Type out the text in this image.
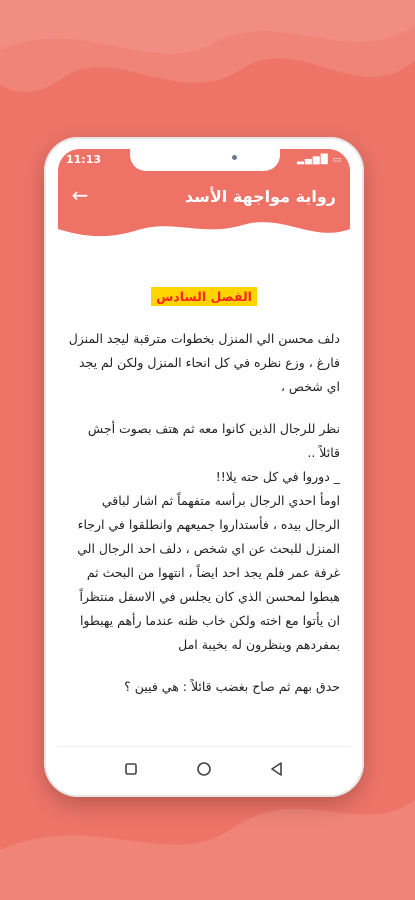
11:13	▂▄▆█ ▭
←	رواية مواجهة الأسد
الفصل السادس

دلف محسن الي المنزل بخطوات مترقبة ليجد المنزل فارغ ، وزع نظره في كل انحاء المنزل ولكن لم يجد اي شخص ،

نظر للرجال الذين كانوا معه ثم هتف بصوت أجش قائلاً ..
_ دوروا في كل حته يلا!!
اومأ احدي الرجال برأسه متفهماً ثم اشار لباقي الرجال بيده ، فأستداروا جميعهم وانطلقوا في ارجاء المنزل للبحث عن اي شخص ، دلف احد الرجال الي غرفة عمر فلم يجد احد ايضاً ، انتهوا من البحث ثم هبطوا لمحسن الذي كان يجلس في الاسفل منتظراً ان يأتوا مع اخته ولكن خاب ظنه عندما رأهم يهبطوا بمفردهم وينظرون له بخيبة امل

حدق بهم ثم صاح بغضب قائلاً : هي فيين ؟
